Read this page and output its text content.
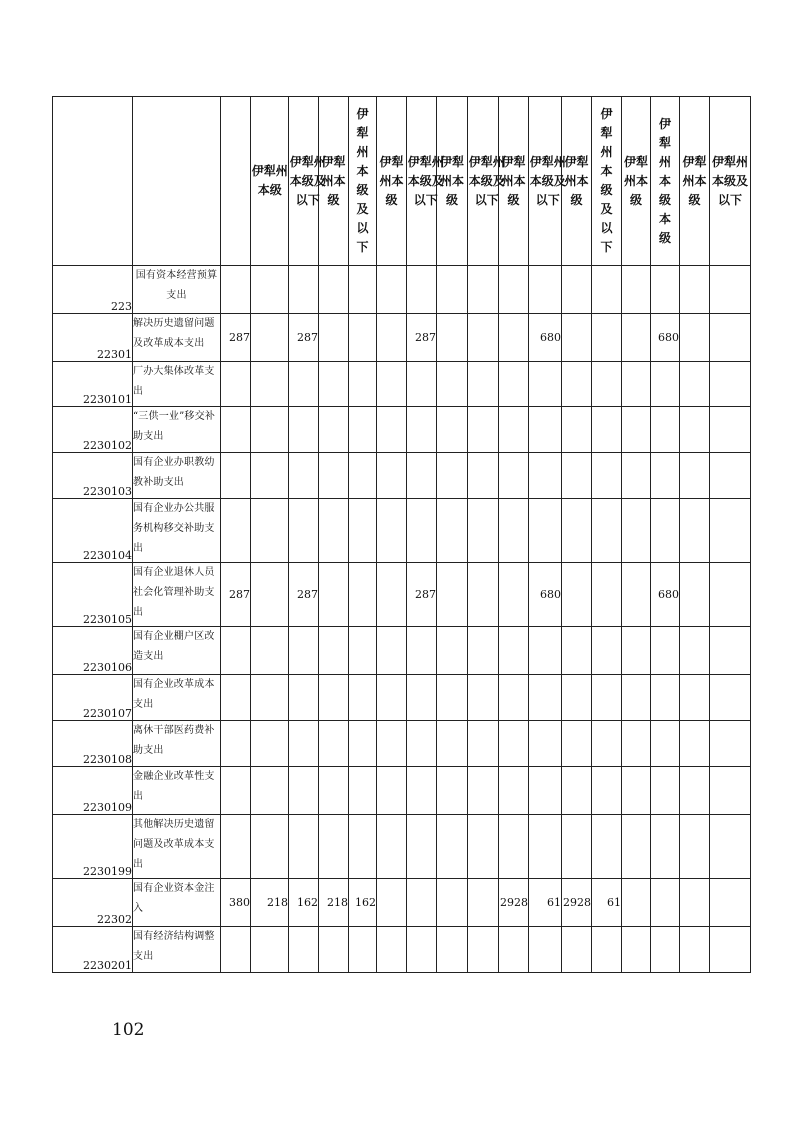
			伊犁州本级	伊犁州本级及以下	伊犁州本级	伊犁州本级及以下	伊犁州本级	伊犁州本级及以下	伊犁州本级	伊犁州本级及以下	伊犁州本级	伊犁州本级及以下	伊犁州本级	伊犁州本级及以下	伊犁州本级	伊犁州本级本级	伊犁州本级	伊犁州本级及以下
223	国有资本经营预算支出																	
22301	解决历史遗留问题及改革成本支出	287		287				287				680				680		
2230101	厂办大集体改革支出																	
2230102	“三供一业”移交补助支出																	
2230103	国有企业办职教幼教补助支出																	
2230104	国有企业办公共服务机构移交补助支出																	
2230105	国有企业退休人员社会化管理补助支出	287		287				287				680				680		
2230106	国有企业棚户区改造支出																	
2230107	国有企业改革成本支出																	
2230108	离休干部医药费补助支出																	
2230109	金融企业改革性支出																	
2230199	其他解决历史遗留问题及改革成本支出																	
22302	国有企业资本金注入	380	218	162	218	162					2928	61	2928	61				
2230201	国有经济结构调整支出																	
102
